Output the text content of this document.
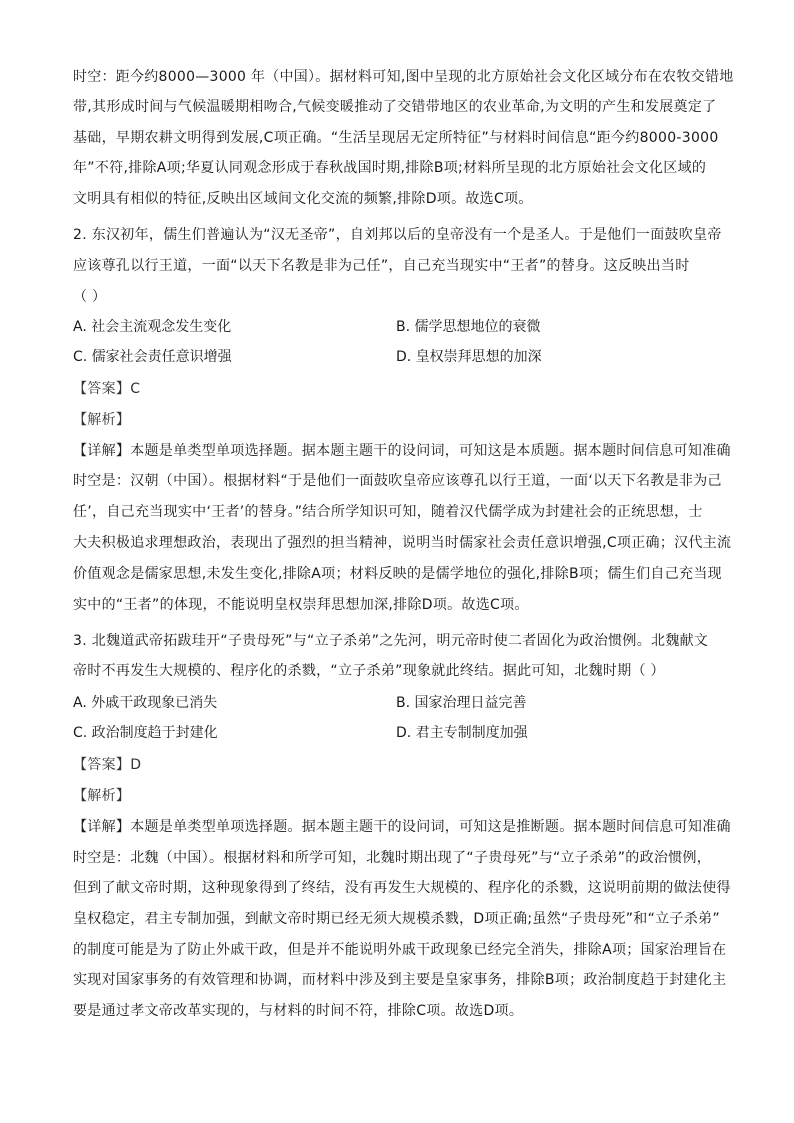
时空：距今约8000—3000 年（中国）。据材料可知,图中呈现的北方原始社会文化区域分布在农牧交错地
带,其形成时间与气候温暖期相吻合,气候变暖推动了交错带地区的农业革命,为文明的产生和发展奠定了
基础，早期农耕文明得到发展,C项正确。“生活呈现居无定所特征”与材料时间信息“距今约8000-3000
年”不符,排除A项;华夏认同观念形成于春秋战国时期,排除B项;材料所呈现的北方原始社会文化区域的
文明具有相似的特征,反映出区域间文化交流的频繁,排除D项。故选C项。
2. 东汉初年，儒生们普遍认为“汉无圣帝”，自刘邦以后的皇帝没有一个是圣人。于是他们一面鼓吹皇帝
应该尊孔以行王道，一面“以天下名教是非为己任”，自己充当现实中“王者”的替身。这反映出当时
（ ）
A. 社会主流观念发生变化	B. 儒学思想地位的衰微
C. 儒家社会责任意识增强	D. 皇权崇拜思想的加深
【答案】C
【解析】
【详解】本题是单类型单项选择题。据本题主题干的设问词，可知这是本质题。据本题时间信息可知准确
时空是：汉朝（中国）。根据材料“于是他们一面鼓吹皇帝应该尊孔以行王道，一面‘以天下名教是非为己
任’，自己充当现实中‘王者’的替身。”结合所学知识可知，随着汉代儒学成为封建社会的正统思想，士
大夫积极追求理想政治，表现出了强烈的担当精神，说明当时儒家社会责任意识增强,C项正确；汉代主流
价值观念是儒家思想,未发生变化,排除A项；材料反映的是儒学地位的强化,排除B项；儒生们自己充当现
实中的“王者”的体现，不能说明皇权崇拜思想加深,排除D项。故选C项。
3. 北魏道武帝拓跋珪开“子贵母死”与“立子杀弟”之先河，明元帝时使二者固化为政治惯例。北魏献文
帝时不再发生大规模的、程序化的杀戮，“立子杀弟”现象就此终结。据此可知，北魏时期（ ）
A. 外戚干政现象已消失	B. 国家治理日益完善
C. 政治制度趋于封建化	D. 君主专制制度加强
【答案】D
【解析】
【详解】本题是单类型单项选择题。据本题主题干的设问词，可知这是推断题。据本题时间信息可知准确
时空是：北魏（中国）。根据材料和所学可知，北魏时期出现了“子贵母死”与“立子杀弟”的政治惯例，
但到了献文帝时期，这种现象得到了终结，没有再发生大规模的、程序化的杀戮，这说明前期的做法使得
皇权稳定，君主专制加强，到献文帝时期已经无须大规模杀戮，D项正确;虽然“子贵母死”和“立子杀弟”
的制度可能是为了防止外戚干政，但是并不能说明外戚干政现象已经完全消失，排除A项；国家治理旨在
实现对国家事务的有效管理和协调，而材料中涉及到主要是皇家事务，排除B项；政治制度趋于封建化主
要是通过孝文帝改革实现的，与材料的时间不符，排除C项。故选D项。
